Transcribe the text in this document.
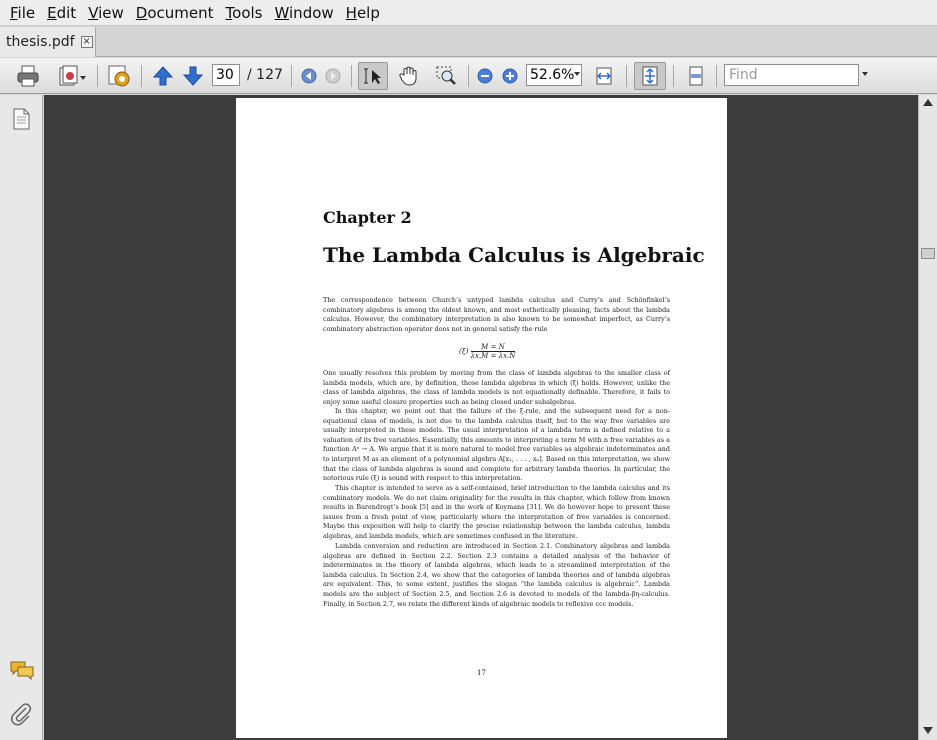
File Edit View Document Tools Window Help
thesis.pdf ×
30 / 127	52.6%	Find
Chapter 2
The Lambda Calculus is Algebraic
The correspondence between Church’s untyped lambda calculus and Curry’s and Schönfinkel’s combinatory algebras is among the oldest known, and most esthetically pleasing, facts about the lambda calculus. However, the combinatory interpretation is also known to be somewhat imperfect, as Curry’s combinatory abstraction operator does not in general satisfy the rule
$(\xi) \frac{M = N}{\lambda x.M = \lambda x.N}$
One usually resolves this problem by moving from the class of lambda algebras to the smaller class of lambda models, which are, by definition, those lambda algebras in which (ξ) holds. However, unlike the class of lambda algebras, the class of lambda models is not equationally definable. Therefore, it fails to enjoy some useful closure properties such as being closed under subalgebras.
In this chapter, we point out that the failure of the ξ-rule, and the subsequent need for a non-equational class of models, is not due to the lambda calculus itself, but to the way free variables are usually interpreted in these models. The usual interpretation of a lambda term is defined relative to a valuation of its free variables. Essentially, this amounts to interpreting a term M with n free variables as a function Aⁿ → A. We argue that it is more natural to model free variables as algebraic indeterminates and to interpret M as an element of a polynomial algebra A[x₁, . . . , xₙ]. Based on this interpretation, we show that the class of lambda algebras is sound and complete for arbitrary lambda theories. In particular, the notorious rule (ξ) is sound with respect to this interpretation.
This chapter is intended to serve as a self-contained, brief introduction to the lambda calculus and its combinatory models. We do not claim originality for the results in this chapter, which follow from known results in Barendregt’s book [5] and in the work of Koymans [31]. We do however hope to present these issues from a fresh point of view, particularly where the interpretation of free variables is concerned. Maybe this exposition will help to clarify the precise relationship between the lambda calculus, lambda algebras, and lambda models, which are sometimes confused in the literature.
Lambda conversion and reduction are introduced in Section 2.1. Combinatory algebras and lambda algebras are defined in Section 2.2. Section 2.3 contains a detailed analysis of the behavior of indeterminates in the theory of lambda algebras, which leads to a streamlined interpretation of the lambda calculus. In Section 2.4, we show that the categories of lambda theories and of lambda algebras are equivalent. This, to some extent, justifies the slogan “the lambda calculus is algebraic”. Lambda models are the subject of Section 2.5, and Section 2.6 is devoted to models of the lambda-βη-calculus. Finally, in Section 2.7, we relate the different kinds of algebraic models to reflexive ccc models.
17
